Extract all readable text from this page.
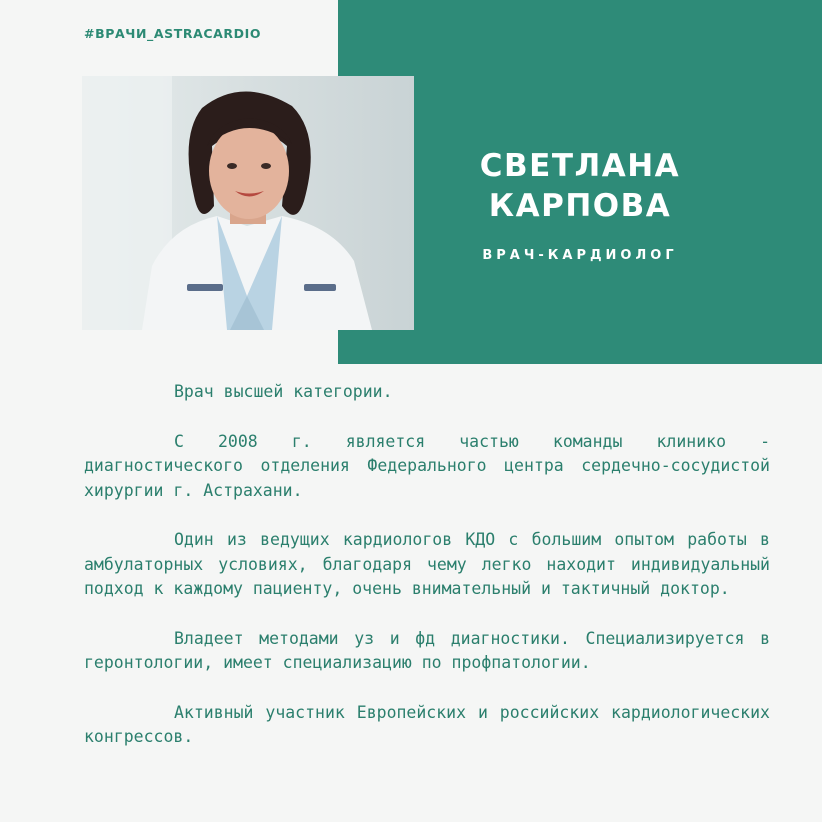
#ВРАЧИ_ASTRACARDIO
СВЕТЛАНА
КАРПОВА
ВРАЧ-КАРДИОЛОГ

Врач высшей категории.

С 2008 г. является частью команды клинико - диагностического отделения Федерального центра сердечно-сосудистой хирургии г. Астрахани.

Один из ведущих кардиологов КДО с большим опытом работы в амбулаторных условиях, благодаря чему легко находит индивидуальный подход к каждому пациенту, очень внимательный и тактичный доктор.

Владеет методами уз и фд диагностики. Специализируется в геронтологии, имеет специализацию по профпатологии.

Активный участник Европейских и российских кардиологических конгрессов.
